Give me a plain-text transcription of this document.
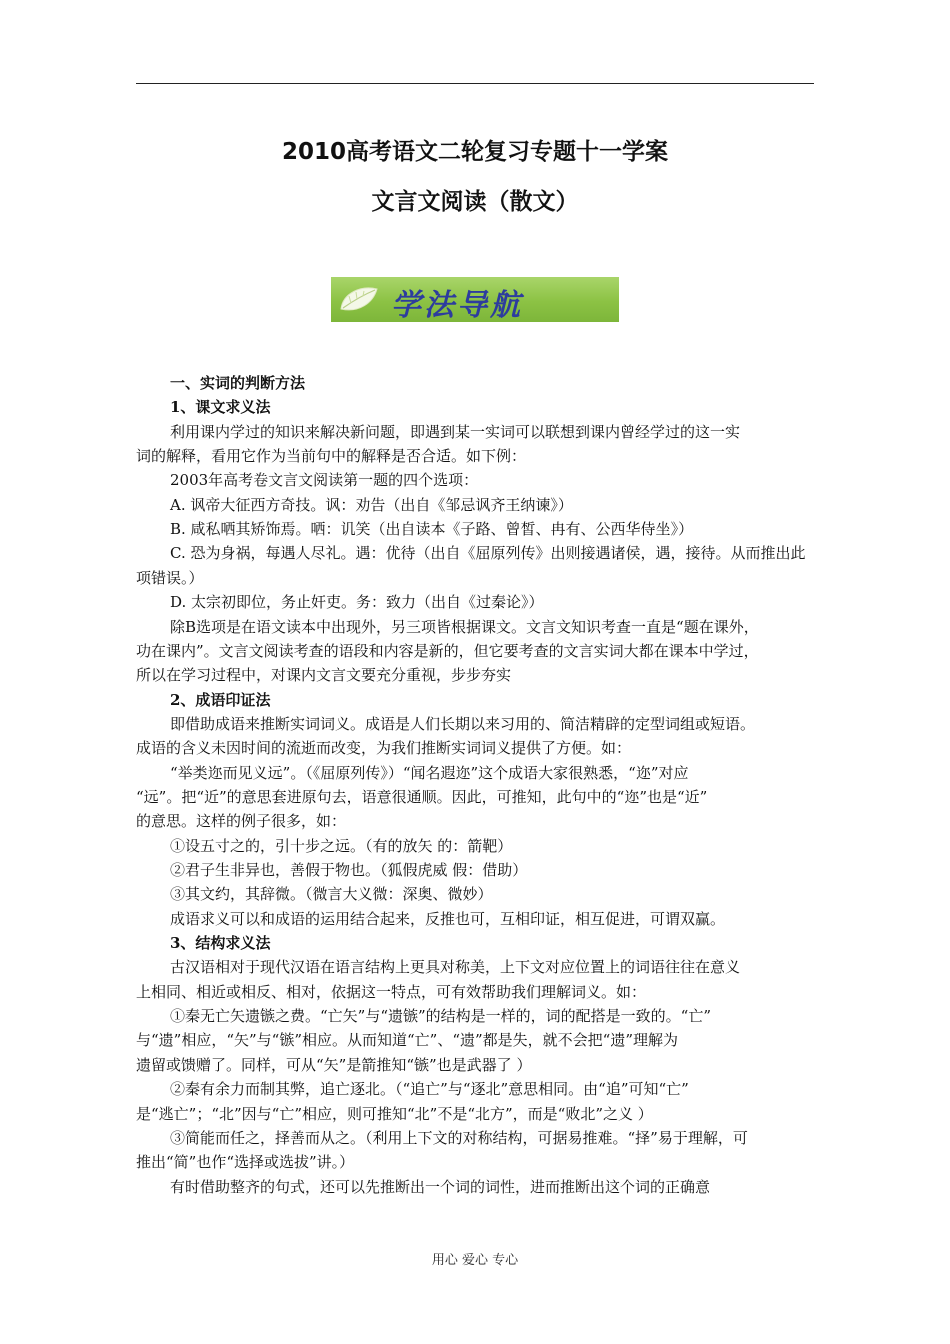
2010高考语文二轮复习专题十一学案
文言文阅读（散文）
学法导航
一、实词的判断方法
1、课文求义法
利用课内学过的知识来解决新问题，即遇到某一实词可以联想到课内曾经学过的这一实
词的解释，看用它作为当前句中的解释是否合适。如下例：
2003年高考卷文言文阅读第一题的四个选项：
A. 讽帝大征西方奇技。讽：劝告（出自《邹忌讽齐王纳谏》）
B. 咸私哂其矫饰焉。哂：讥笑（出自读本《子路、曾皙、冉有、公西华侍坐》）
C. 恐为身祸，每遇人尽礼。遇：优待（出自《屈原列传》出则接遇诸侯，遇，接待。从而推出此
项错误。）
D. 太宗初即位，务止奸吏。务：致力（出自《过秦论》）
除B选项是在语文读本中出现外，另三项皆根据课文。文言文知识考查一直是“题在课外，
功在课内”。文言文阅读考查的语段和内容是新的，但它要考查的文言实词大都在课本中学过，
所以在学习过程中，对课内文言文要充分重视，步步夯实
2、成语印证法
即借助成语来推断实词词义。成语是人们长期以来习用的、简洁精辟的定型词组或短语。
成语的含义未因时间的流逝而改变，为我们推断实词词义提供了方便。如：
“举类迩而见义远”。（《屈原列传》）“闻名遐迩”这个成语大家很熟悉，“迩”对应
“远”。把“近”的意思套进原句去，语意很通顺。因此，可推知，此句中的“迩”也是“近”
的意思。这样的例子很多，如：
①设五寸之的，引十步之远。（有的放矢 的：箭靶）
②君子生非异也，善假于物也。（狐假虎威 假：借助）
③其文约，其辞微。（微言大义微：深奥、微妙）
成语求义可以和成语的运用结合起来，反推也可，互相印证，相互促进，可谓双赢。
3、结构求义法
古汉语相对于现代汉语在语言结构上更具对称美，上下文对应位置上的词语往往在意义
上相同、相近或相反、相对，依据这一特点，可有效帮助我们理解词义。如：
①秦无亡矢遗镞之费。“亡矢”与“遗镞”的结构是一样的，词的配搭是一致的。“亡”
与“遗”相应，“矢”与“镞”相应。从而知道“亡”、“遗”都是失，就不会把“遗”理解为
遗留或馈赠了。同样，可从“矢”是箭推知“镞”也是武器了 ）
②秦有余力而制其弊，追亡逐北。（“追亡”与“逐北”意思相同。由“追”可知“亡”
是“逃亡”；“北”因与“亡”相应，则可推知“北”不是“北方”，而是“败北”之义 ）
③简能而任之，择善而从之。（利用上下文的对称结构，可据易推难。“择”易于理解，可
推出“简”也作“选择或选拔”讲。）
有时借助整齐的句式，还可以先推断出一个词的词性，进而推断出这个词的正确意
用心 爱心 专心
